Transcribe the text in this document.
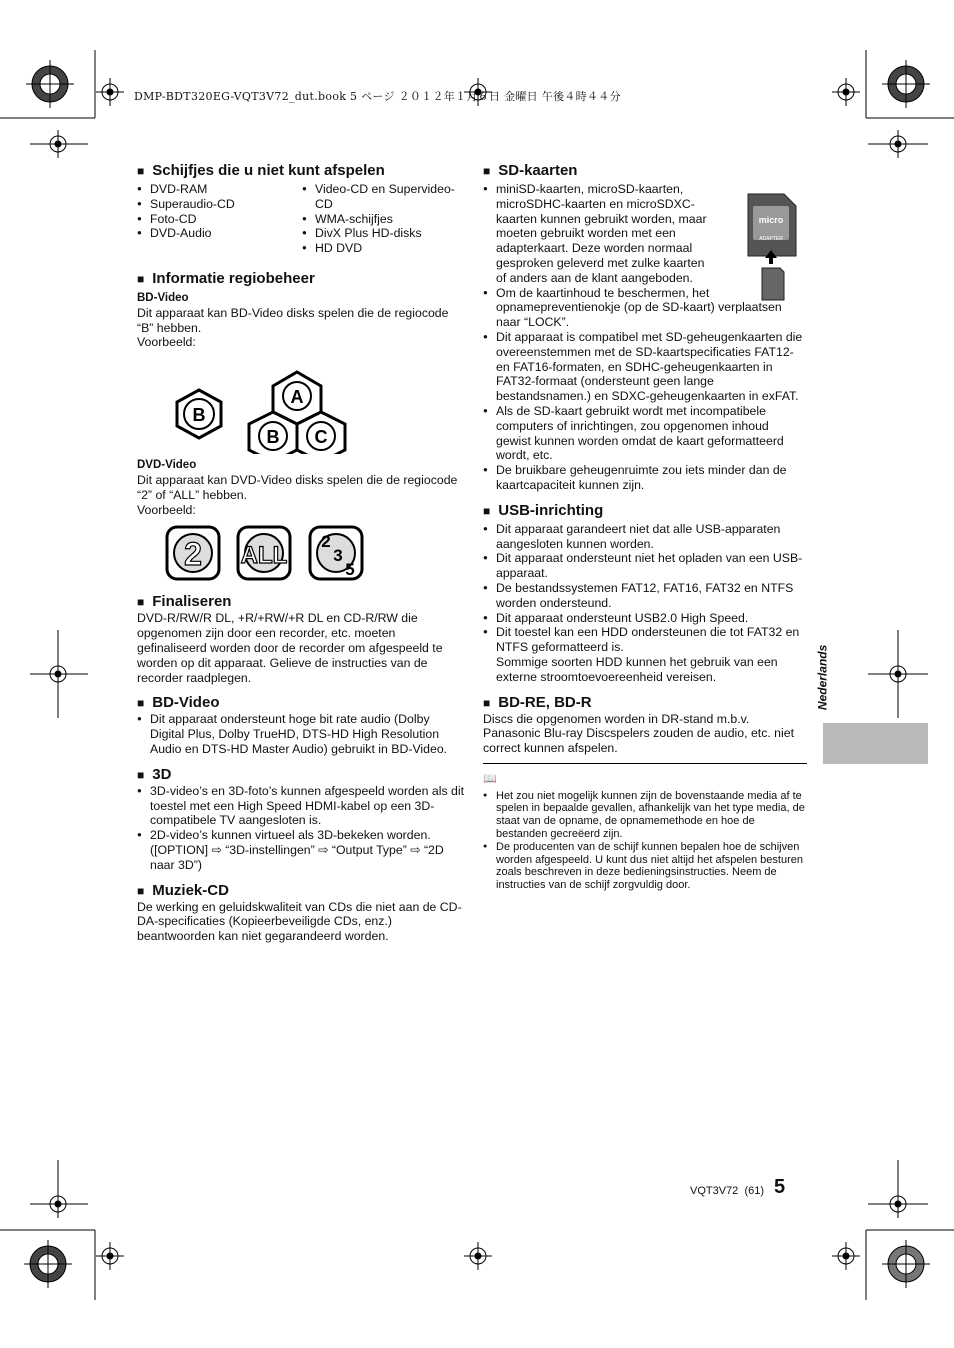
DMP-BDT320EG-VQT3V72_dut.book 5 ページ ２０１２年１月６日 金曜日 午後４時４４分
■ Schijfjes die u niet kunt afspelen
● DVD-RAM
● Superaudio-CD
● Foto-CD
● DVD-Audio
● Video-CD en Supervideo-CD
● WMA-schijfjes
● DivX Plus HD-disks
● HD DVD
■ Informatie regiobeheer

BD-Video

Dit apparaat kan BD-Video disks spelen die de regiocode “B” hebben.

Voorbeeld:

B
A
B C

DVD-Video

Dit apparaat kan DVD-Video disks spelen die de regiocode “2” of “ALL” hebben.

Voorbeeld:

2 ALL
2
3
5
■ Finaliseren

DVD-R/RW/R DL, +R/+RW/+R DL en CD-R/RW die opgenomen zijn door een recorder, etc. moeten gefinaliseerd worden door de recorder om afgespeeld te worden op dit apparaat. Gelieve de instructies van de recorder raadplegen.

■ BD-Video
● Dit apparaat ondersteunt hoge bit rate audio (Dolby Digital Plus, Dolby TrueHD, DTS-HD High Resolution Audio en DTS-HD Master Audio) gebruikt in BD-Video.
■ 3D
● 3D-video’s en 3D-foto’s kunnen afgespeeld worden als dit toestel met een High Speed HDMI-kabel op een 3D-compatibele TV aangesloten is.
● 2D-video’s kunnen virtueel als 3D-bekeken worden. ([OPTION] ⇨ “3D-instellingen” ⇨ “Output Type” ⇨ “2D naar 3D”)
■ Muziek-CD

De werking en geluidskwaliteit van CDs die niet aan de CD-DA-specificaties (Kopieerbeveiligde CDs, enz.) beantwoorden kan niet gegarandeerd worden.

■ SD-kaarten
● miniSD-kaarten, microSD-kaarten, microSDHC-kaarten en microSDXC-kaarten kunnen gebruikt worden, maar moeten gebruikt worden met een adapterkaart. Deze worden normaal gesproken geleverd met zulke kaarten of anders aan de klant aangeboden.
● Om de kaartinhoud te beschermen, het opnamepreventienokje (op de SD-kaart) verplaatsen naar “LOCK”.
● Dit apparaat is compatibel met SD-geheugenkaarten die overeenstemmen met de SD-kaartspecificaties FAT12- en FAT16-formaten, en SDHC-geheugenkaarten in FAT32-formaat (ondersteunt geen lange bestandsnamen.) en SDXC-geheugenkaarten in exFAT.
● Als de SD-kaart gebruikt wordt met incompatibele computers of inrichtingen, zou opgenomen inhoud gewist kunnen worden omdat de kaart geformatteerd wordt, etc.
● De bruikbare geheugenruimte zou iets minder dan de kaartcapaciteit kunnen zijn.
■ USB-inrichting
● Dit apparaat garandeert niet dat alle USB-apparaten aangesloten kunnen worden.
● Dit apparaat ondersteunt niet het opladen van een USB-apparaat.
● De bestandssystemen FAT12, FAT16, FAT32 en NTFS worden ondersteund.
● Dit apparaat ondersteunt USB2.0 High Speed.
● Dit toestel kan een HDD ondersteunen die tot FAT32 en NTFS geformatteerd is.

Sommige soorten HDD kunnen het gebruik van een externe stroomtoevoereenheid vereisen.

■ BD-RE, BD-R

Discs die opgenomen worden in DR-stand m.b.v. Panasonic Blu-ray Discspelers zouden de audio, etc. niet correct kunnen afspelen.

📖
● Het zou niet mogelijk kunnen zijn de bovenstaande media af te spelen in bepaalde gevallen, afhankelijk van het type media, de staat van de opname, de opnamemethode en hoe de bestanden gecreëerd zijn.
● De producenten van de schijf kunnen bepalen hoe de schijven worden afgespeeld. U kunt dus niet altijd het afspelen besturen zoals beschreven in deze bedieningsinstructies. Neem de instructies van de schijf zorgvuldig door.
micro
ADAPTER
Nederlands
VQT3V72 (61) 5
